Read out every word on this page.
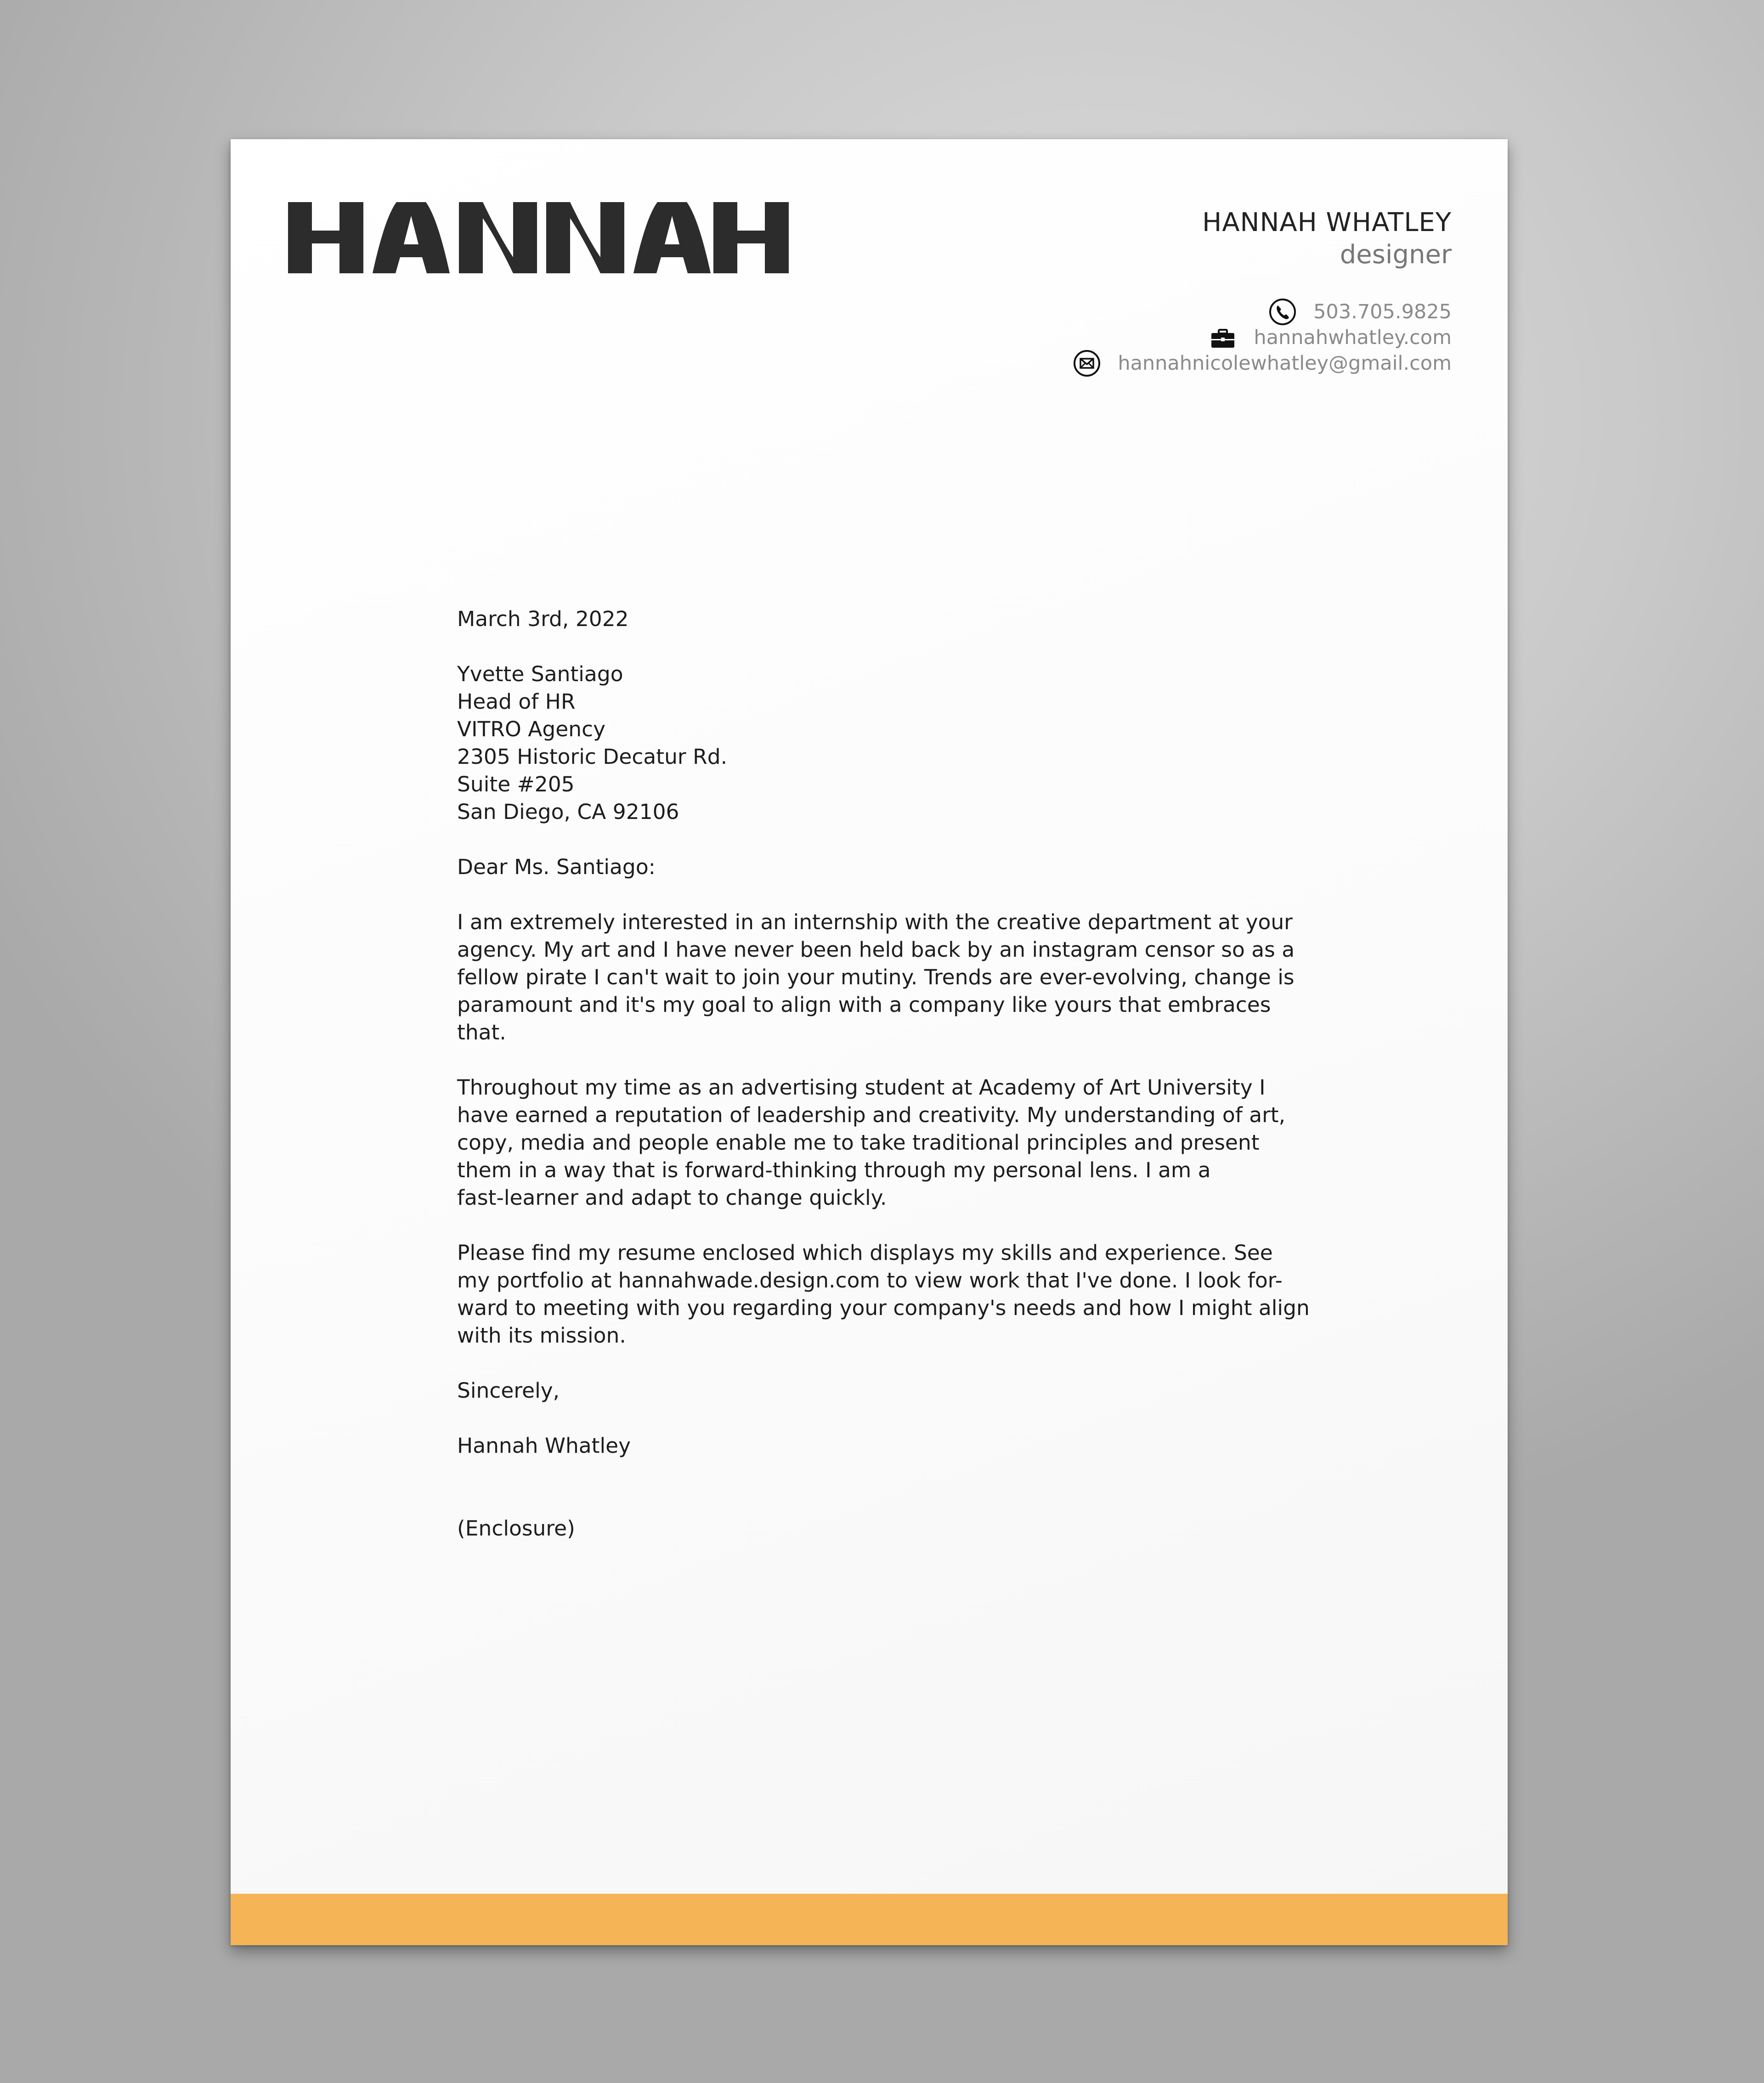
HANNAH WHATLEY
designer
503.705.9825
hannahwhatley.com
hannahnicolewhatley@gmail.com
March 3rd, 2022
Yvette Santiago
Head of HR
VITRO Agency
2305 Historic Decatur Rd.
Suite #205
San Diego, CA 92106
Dear Ms. Santiago:
I am extremely interested in an internship with the creative department at your
agency. My art and I have never been held back by an instagram censor so as a
fellow pirate I can't wait to join your mutiny. Trends are ever-evolving, change is
paramount and it's my goal to align with a company like yours that embraces
that.
Throughout my time as an advertising student at Academy of Art University I
have earned a reputation of leadership and creativity. My understanding of art,
copy, media and people enable me to take traditional principles and present
them in a way that is forward-thinking through my personal lens. I am a
fast-learner and adapt to change quickly.
Please find my resume enclosed which displays my skills and experience. See
my portfolio at hannahwade.design.com to view work that I've done. I look for-
ward to meeting with you regarding your company's needs and how I might align
with its mission.
Sincerely,
Hannah Whatley
(Enclosure)
